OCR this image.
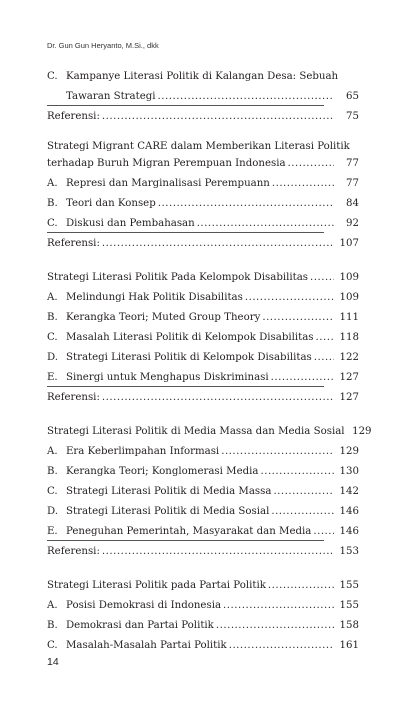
Dr. Gun Gun Heryanto, M.Si., dkk
C. Kampanye Literasi Politik di Kalangan Desa: Sebuah
Tawaran Strategi .....	65
Referensi: .....	75
Strategi Migrant CARE dalam Memberikan Literasi Politik
terhadap Buruh Migran Perempuan Indonesia .....	77
A. Represi dan Marginalisasi Perempuann .....	77
B. Teori dan Konsep .....	84
C. Diskusi dan Pembahasan .....	92
Referensi: .....	107
Strategi Literasi Politik Pada Kelompok Disabilitas .....	109
A. Melindungi Hak Politik Disabilitas .....	109
B. Kerangka Teori; Muted Group Theory .....	111
C. Masalah Literasi Politik di Kelompok Disabilitas .....	118
D. Strategi Literasi Politik di Kelompok Disabilitas .....	122
E. Sinergi untuk Menghapus Diskriminasi .....	127
Referensi: .....	127
Strategi Literasi Politik di Media Massa dan Media Sosial 129
A. Era Keberlimpahan Informasi .....	129
B. Kerangka Teori; Konglomerasi Media .....	130
C. Strategi Literasi Politik di Media Massa .....	142
D. Strategi Literasi Politik di Media Sosial .....	146
E. Peneguhan Pemerintah, Masyarakat dan Media .....	146
Referensi: .....	153
Strategi Literasi Politik pada Partai Politik .....	155
A. Posisi Demokrasi di Indonesia .....	155
B. Demokrasi dan Partai Politik .....	158
C. Masalah-Masalah Partai Politik .....	161
14
